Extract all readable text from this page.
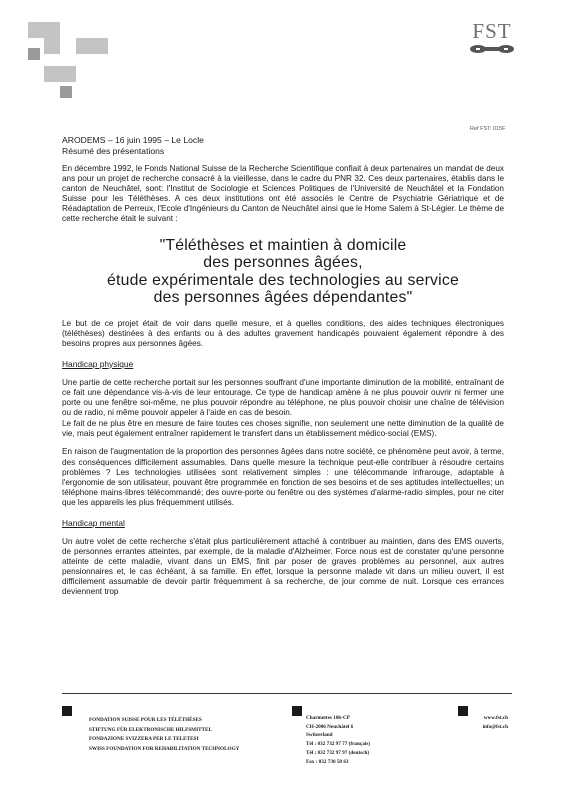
FST
Ref FST: 015F
ARODEMS – 16 juin 1995 – Le Locle
Résumé des présentations

En décembre 1992, le Fonds National Suisse de la Recherche Scientifique confiait à deux partenaires un mandat de deux ans pour un projet de recherche consacré à la vieillesse, dans le cadre du PNR 32. Ces deux partenaires, établis dans le canton de Neuchâtel, sont: l'Institut de Sociologie et Sciences Politiques de l'Université de Neuchâtel et la Fondation Suisse pour les Téléthèses. A ces deux institutions ont été associés le Centre de Psychiatrie Gériatrique et de Réadaptation de Perreux, l'Ecole d'Ingénieurs du Canton de Neuchâtel ainsi que le Home Salem à St-Légier. Le thème de cette recherche était le suivant :

"Téléthèses et maintien à domicile
des personnes âgées,
étude expérimentale des technologies au service
des personnes âgées dépendantes"

Le but de ce projet était de voir dans quelle mesure, et à quelles conditions, des aides techniques électroniques (téléthèses) destinées à des enfants ou à des adultes gravement handicapés pouvaient également répondre à des besoins propres aux personnes âgées.

Handicap physique

Une partie de cette recherche portait sur les personnes souffrant d'une importante diminution de la mobilité, entraînant de ce fait une dépendance vis-à-vis de leur entourage. Ce type de handicap amène à ne plus pouvoir ouvrir ni fermer une porte ou une fenêtre soi-même, ne plus pouvoir répondre au téléphone, ne plus pouvoir choisir une chaîne de télévision ou de radio, ni même pouvoir appeler à l'aide en cas de besoin.

Le fait de ne plus être en mesure de faire toutes ces choses signifie, non seulement une nette diminution de la qualité de vie, mais peut également entraîner rapidement le transfert dans un établissement médico-social (EMS).

En raison de l'augmentation de la proportion des personnes âgées dans notre société, ce phénomène peut avoir, à terme, des conséquences difficilement assumables. Dans quelle mesure la technique peut-elle contribuer à résoudre certains problèmes ? Les technologies utilisées sont relativement simples : une télécommande infrarouge, adaptable à l'ergonomie de son utilisateur, pouvant être programmée en fonction de ses besoins et de ses aptitudes intellectuelles; un téléphone mains-libres télécommandé; des ouvre-porte ou fenêtre ou des systèmes d'alarme-radio simples, pour ne citer que les appareils les plus fréquemment utilisés.

Handicap mental

Un autre volet de cette recherche s'était plus particulièrement attaché à contribuer au maintien, dans des EMS ouverts, de personnes errantes atteintes, par exemple, de la maladie d'Alzheimer. Force nous est de constater qu'une personne atteinte de cette maladie, vivant dans un EMS, finit par poser de graves problèmes au personnel, aux autres pensionnaires et, le cas échéant, à sa famille. En effet, lorsque la personne malade vit dans un milieu ouvert, il est difficilement assumable de devoir partir fréquemment à sa recherche, de jour comme de nuit. Lorsque ces errances deviennent trop

FONDATION SUISSE POUR LES TÉLÉTHÈSES
STIFTUNG FÜR ELEKTRONISCHE HILFSMITTEL
FONDAZIONE SVIZZERA PER LE TELETESI
SWISS FOUNDATION FOR REHABILITATION TECHNOLOGY
Charmettes 10b-CP
CH-2006 Neuchâtel 6
Switzerland
Tél : 032 732 97 77 (français)
Tél : 032 732 97 97 (deutsch)
Fax : 032 730 58 63
www.fst.ch
info@fst.ch
